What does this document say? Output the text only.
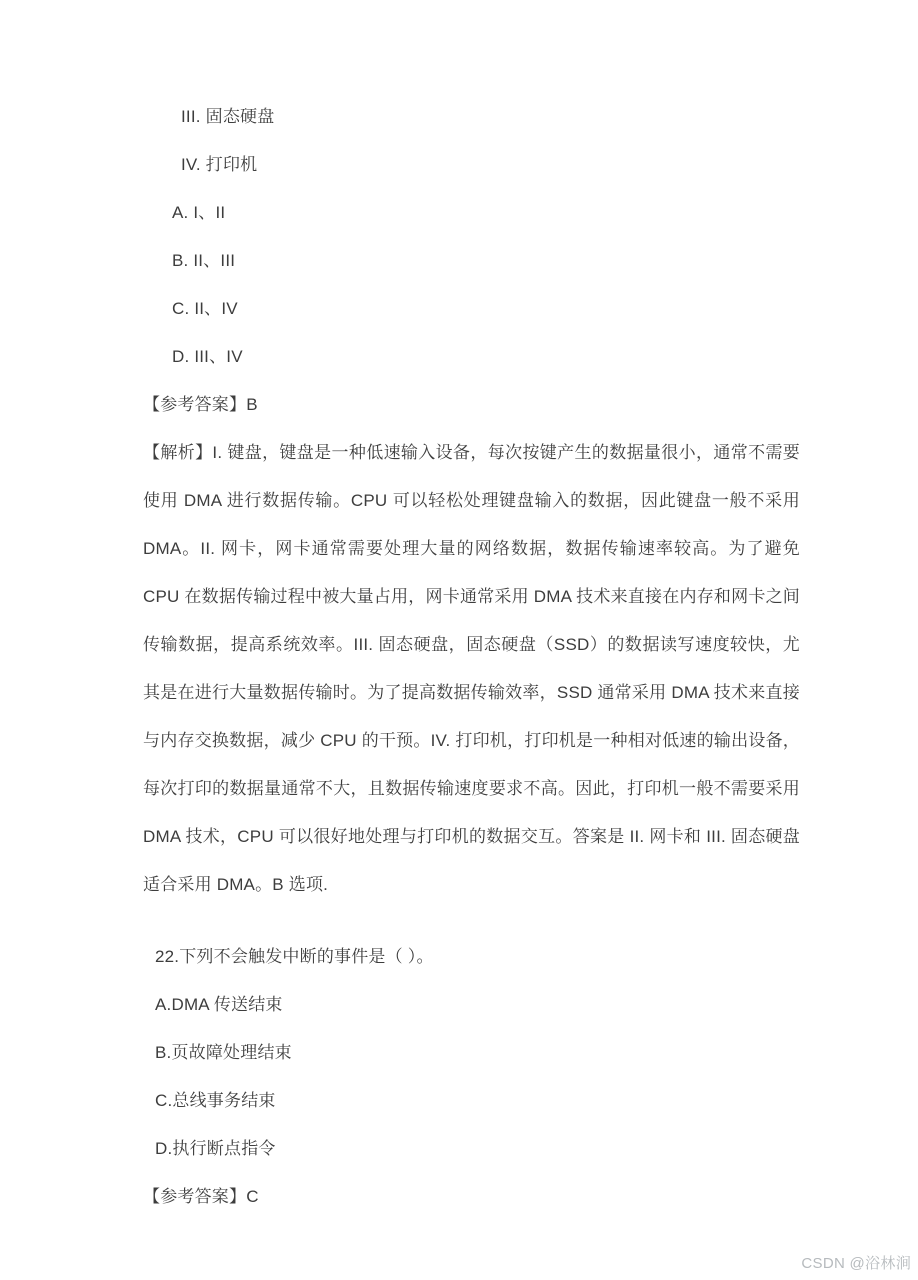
III. 固态硬盘
IV. 打印机
A. I、II
B. II、III
C. II、IV
D. III、IV
【参考答案】B

【解析】I. 键盘，键盘是一种低速输入设备，每次按键产生的数据量很小，通常不需要使用 DMA 进行数据传输。CPU 可以轻松处理键盘输入的数据，因此键盘一般不采用 DMA。II. 网卡，网卡通常需要处理大量的网络数据，数据传输速率较高。为了避免 CPU 在数据传输过程中被大量占用，网卡通常采用 DMA 技术来直接在内存和网卡之间传输数据，提高系统效率。III. 固态硬盘，固态硬盘（SSD）的数据读写速度较快，尤其是在进行大量数据传输时。为了提高数据传输效率，SSD 通常采用 DMA 技术来直接与内存交换数据，减少 CPU 的干预。IV. 打印机，打印机是一种相对低速的输出设备，每次打印的数据量通常不大，且数据传输速度要求不高。因此，打印机一般不需要采用 DMA 技术，CPU 可以很好地处理与打印机的数据交互。答案是 II. 网卡和 III. 固态硬盘适合采用 DMA。B 选项.

22.下列不会触发中断的事件是（ ）。
A.DMA 传送结束
B.页故障处理结束
C.总线事务结束
D.执行断点指令
【参考答案】C
CSDN @浴林涧
